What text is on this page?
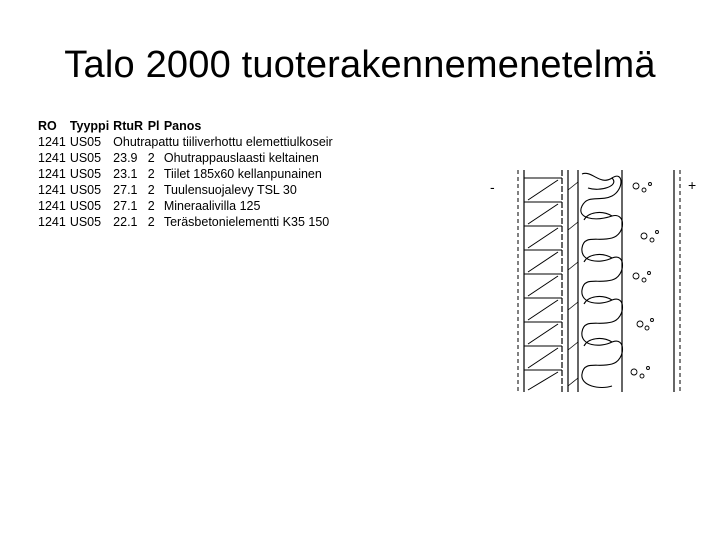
Talo 2000 tuoterakennemenetelmä
RO	Tyyppi	RtuR	Pl	Panos
1241	US05	Ohutrapattu tiiliverhottu elemettiulkoseir		
1241	US05	23.9	2	Ohutrappauslaasti keltainen
1241	US05	23.1	2	Tiilet 185x60 kellanpunainen
1241	US05	27.1	2	Tuulensuojalevy TSL 30
1241	US05	27.1	2	Mineraalivilla 125
1241	US05	22.1	2	Teräsbetonielementti K35 150
-	+
